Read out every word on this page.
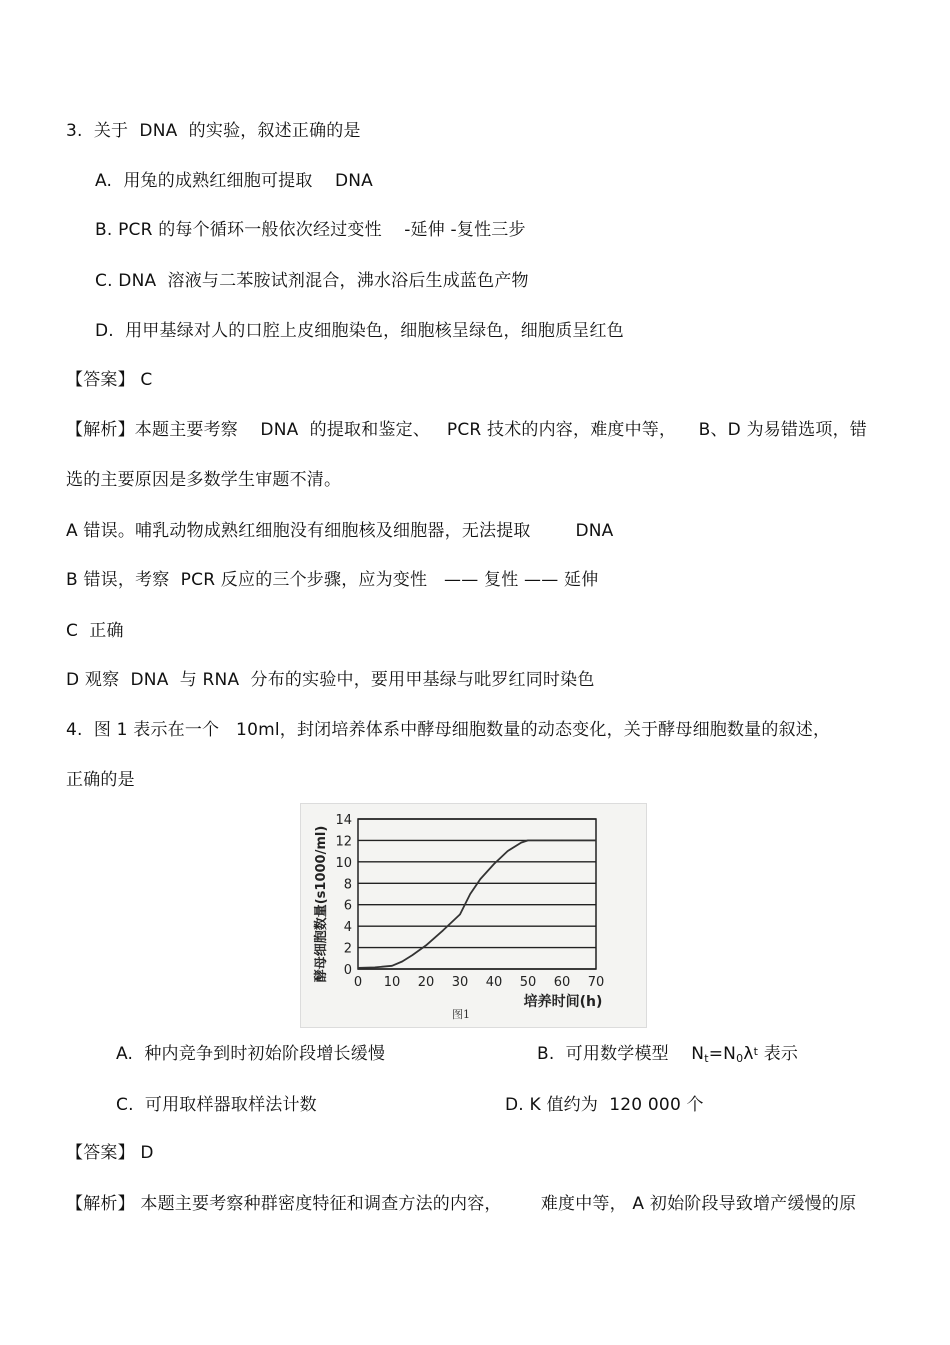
3.  关于  DNA  的实验，叙述正确的是
A.  用兔的成熟红细胞可提取    DNA
B. PCR 的每个循环一般依次经过变性    -延伸 -复性三步
C. DNA  溶液与二苯胺试剂混合，沸水浴后生成蓝色产物
D.  用甲基绿对人的口腔上皮细胞染色，细胞核呈绿色，细胞质呈红色
【答案】 C
【解析】本题主要考察    DNA  的提取和鉴定、   PCR 技术的内容，难度中等，    B、D 为易错选项，错
选的主要原因是多数学生审题不清。
A 错误。哺乳动物成熟红细胞没有细胞核及细胞器，无法提取        DNA
B 错误，考察  PCR 反应的三个步骤，应为变性   —— 复性 —— 延伸
C  正确
D 观察  DNA  与 RNA  分布的实验中，要用甲基绿与吡罗红同时染色
4.  图 1 表示在一个   10ml，封闭培养体系中酵母细胞数量的动态变化，关于酵母细胞数量的叙述，
正确的是
0
2
4
6
8
10
12
14
0 10 20 30 40 50 60 70
培养时间(h)
图1
酵母细胞数量(s1000/ml)
A.  种内竞争到时初始阶段增长缓慢	B.  可用数学模型    $N_t=N_0\lambda^t$ 表示
C.  可用取样器取样法计数	D. K 值约为  120 000 个
【答案】 D
【解析】 本题主要考察种群密度特征和调查方法的内容，       难度中等， A 初始阶段导致增产缓慢的原
